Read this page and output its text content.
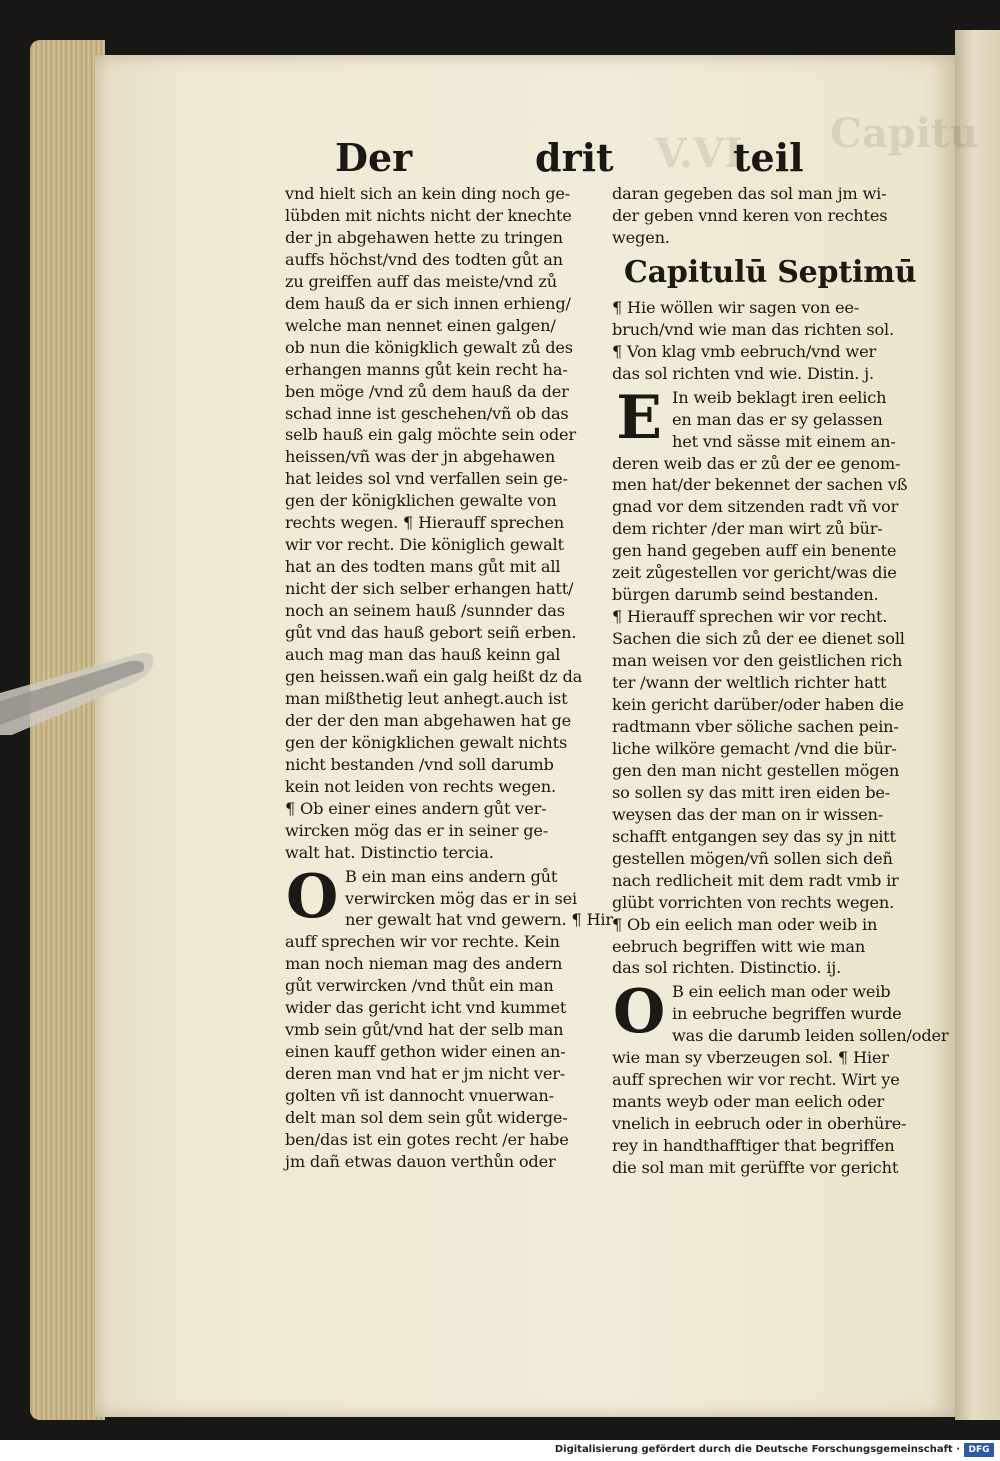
V.VI Capitu
Der	drit	teil
vnd hielt sich an kein ding noch ge-
lübden mit nichts nicht der knechte
der jn abgehawen hette zu tringen
auffs höchst/vnd des todten gůt an
zu greiffen auff das meiste/vnd zů
dem hauß da er sich innen erhieng/
welche man nennet einen galgen/
ob nun die königklich gewalt zů des
erhangen manns gůt kein recht ha-
ben möge /vnd zů dem hauß da der
schad inne ist geschehen/vñ ob das
selb hauß ein galg möchte sein oder
heissen/vñ was der jn abgehawen
hat leides sol vnd verfallen sein ge-
gen der königklichen gewalte von
rechts wegen. ¶ Hierauff sprechen
wir vor recht. Die königlich gewalt
hat an des todten mans gůt mit all
nicht der sich selber erhangen hatt/
noch an seinem hauß /sunnder das
gůt vnd das hauß gebort seiñ erben.
auch mag man das hauß keinn gal
gen heissen.wañ ein galg heißt dz da
man mißthetig leut anhegt.auch ist
der der den man abgehawen hat ge
gen der königklichen gewalt nichts
nicht bestanden /vnd soll darumb
kein not leiden von rechts wegen.
¶ Ob einer eines andern gůt ver-
wircken mög das er in seiner ge-
walt hat. Distinctio tercia.
O B ein man eins andern gůt
verwircken mög das er in sei
ner gewalt hat vnd gewern. ¶ Hir
auff sprechen wir vor rechte. Kein
man noch nieman mag des andern
gůt verwircken /vnd thůt ein man
wider das gericht icht vnd kummet
vmb sein gůt/vnd hat der selb man
einen kauff gethon wider einen an-
deren man vnd hat er jm nicht ver-
golten vñ ist dannocht vnuerwan-
delt man sol dem sein gůt widerge-
ben/das ist ein gotes recht /er habe
jm dañ etwas dauon verthůn oder
daran gegeben das sol man jm wi-
der geben vnnd keren von rechtes
wegen.
Capitulū Septimū
¶ Hie wöllen wir sagen von ee-
bruch/vnd wie man das richten sol.
¶ Von klag vmb eebruch/vnd wer
das sol richten vnd wie. Distin. j.
E In weib beklagt iren eelich
en man das er sy gelassen
het vnd sässe mit einem an-
deren weib das er zů der ee genom-
men hat/der bekennet der sachen vß
gnad vor dem sitzenden radt vñ vor
dem richter /der man wirt zů bür-
gen hand gegeben auff ein benente
zeit zůgestellen vor gericht/was die
bürgen darumb seind bestanden.
¶ Hierauff sprechen wir vor recht.
Sachen die sich zů der ee dienet soll
man weisen vor den geistlichen rich
ter /wann der weltlich richter hatt
kein gericht darüber/oder haben die
radtmann vber söliche sachen pein-
liche wilköre gemacht /vnd die bür-
gen den man nicht gestellen mögen
so sollen sy das mitt iren eiden be-
weysen das der man on ir wissen-
schafft entgangen sey das sy jn nitt
gestellen mögen/vñ sollen sich deñ
nach redlicheit mit dem radt vmb ir
glübt vorrichten von rechts wegen.
¶ Ob ein eelich man oder weib in
eebruch begriffen witt wie man
das sol richten. Distinctio. ij.
O B ein eelich man oder weib
in eebruche begriffen wurde
was die darumb leiden sollen/oder
wie man sy vberzeugen sol. ¶ Hier
auff sprechen wir vor recht. Wirt ye
mants weyb oder man eelich oder
vnelich in eebruch oder in oberhüre-
rey in handthafftiger that begriffen
die sol man mit gerüffte vor gericht
Digitalisierung gefördert durch die Deutsche Forschungsgemeinschaft · DFG
